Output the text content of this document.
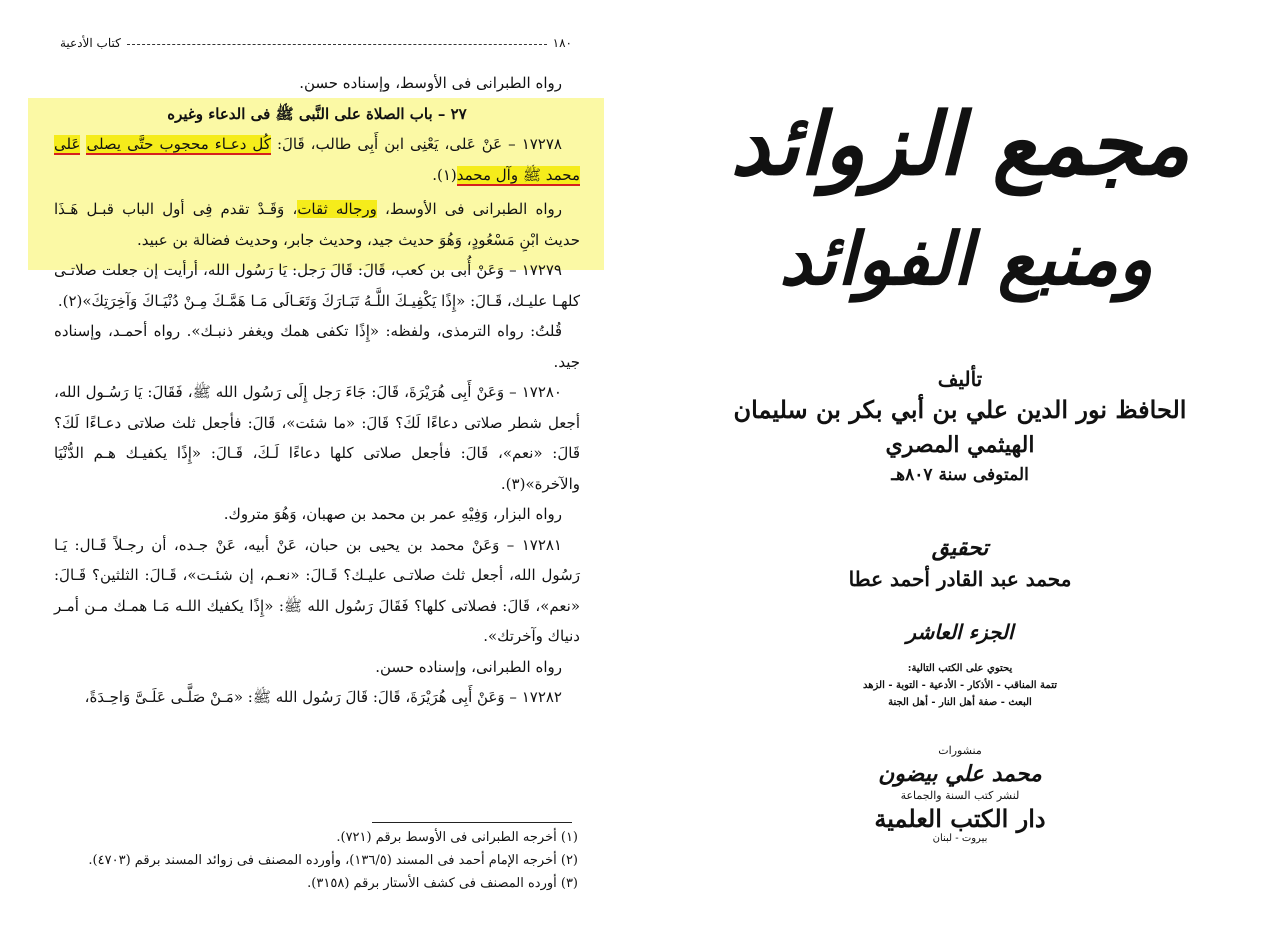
١٨٠
كتاب الأدعية

رواه الطبرانى فى الأوسط، وإسناده حسن.

٢٧ – باب الصلاة على النَّبى ﷺ فى الدعاء وغيره

١٧٢٧٨ – عَنْ عَلى، يَعْنِى ابن أَبِى طالب، قَالَ: كُل دعـاء محجوب حتَّى يصلى عَلى محمد ﷺ وآل محمد(١).

رواه الطبرانى فى الأوسط، ورجاله ثقات، وَقَـدْ تقدم فِى أول الباب قبـل هَـذَا حديث ابْنِ مَسْعُودٍ، وَهُوَ حديث جيد، وحديث جابر، وحديث فضالة بن عبيد.

١٧٢٧٩ – وَعَنْ أُبى بن كعب، قَالَ: قَالَ رَجل: يَا رَسُول الله، أرأيت إن جعلت صلاتـى كلهـا عليـك، قَـالَ: «إِذًا يَكْفِيـكَ اللَّـهُ تَبَـارَكَ وَتَعَـالَى مَـا هَمَّـكَ مِـنْ دُنْيَـاكَ وَآخِرَتِكَ»(٢).

قُلتُ: رواه الترمذى، ولفظه: «إِذًا تكفى همك ويغفر ذنبـك». رواه أحمـد، وإسناده جيد.

١٧٢٨٠ – وَعَنْ أَبِى هُرَيْرَةَ، قَالَ: جَاءَ رَجل إِلَى رَسُول الله ﷺ، فَقَالَ: يَا رَسُـول الله، أجعل شطر صلاتى دعاءًا لَكَ؟ قَالَ: «ما شئت»، قَالَ: فأجعل ثلث صلاتى دعـاءًا لَكَ؟ قَالَ: «نعم»، قَالَ: فأجعل صلاتى كلها دعاءًا لَـكَ، قَـالَ: «إِذًا يكفيـك هـم الدُّنْيَا والآخرة»(٣).

رواه البزار، وَفِيْهِ عمر بن محمد بن صهبان، وَهُوَ متروك.

١٧٢٨١ – وَعَنْ محمد بن يحيى بن حبان، عَنْ أبيه، عَنْ جـده، أن رجـلاً قَـال: يَـا رَسُول الله، أجعل ثلث صلاتـى عليـك؟ قَـالَ: «نعـم، إن شئـت»، قَـالَ: الثلثين؟ قَـالَ: «نعم»، قَالَ: فصلاتى كلها؟ فَقَالَ رَسُول الله ﷺ: «إِذًا يكفيك اللـه مَـا همـك مـن أمـر دنياك وآخرتك».

رواه الطبرانى، وإسناده حسن.

١٧٢٨٢ – وَعَنْ أَبِى هُرَيْرَةَ، قَالَ: قَالَ رَسُول الله ﷺ: «مَـنْ صَلَّـى عَلَـىَّ وَاحِـدَةً،

(١) أخرجه الطبرانى فى الأوسط برقم (٧٢١).
(٢) أخرجه الإمام أحمد فى المسند (١٣٦/٥)، وأورده المصنف فى زوائد المسند برقم (٤٧٠٣).
(٣) أورده المصنف فى كشف الأستار برقم (٣١٥٨).
مجمع الزوائد
ومنبع الفوائد
تأليف
الحافظ نور الدين علي بن أبي بكر بن سليمان
الهيثمي المصري
المتوفى سنة ٨٠٧هـ
تحقيق
محمد عبد القادر أحمد عطا
الجزء العاشر
يحتوي على الكتب التالية:
تتمة المناقب - الأذكار - الأدعية - التوبة - الزهد
البعث - صفة أهل النار - أهل الجنة
منشورات
محمد علي بيضون
لنشر كتب السنة والجماعة
دار الكتب العلمية
بيروت - لبنان
